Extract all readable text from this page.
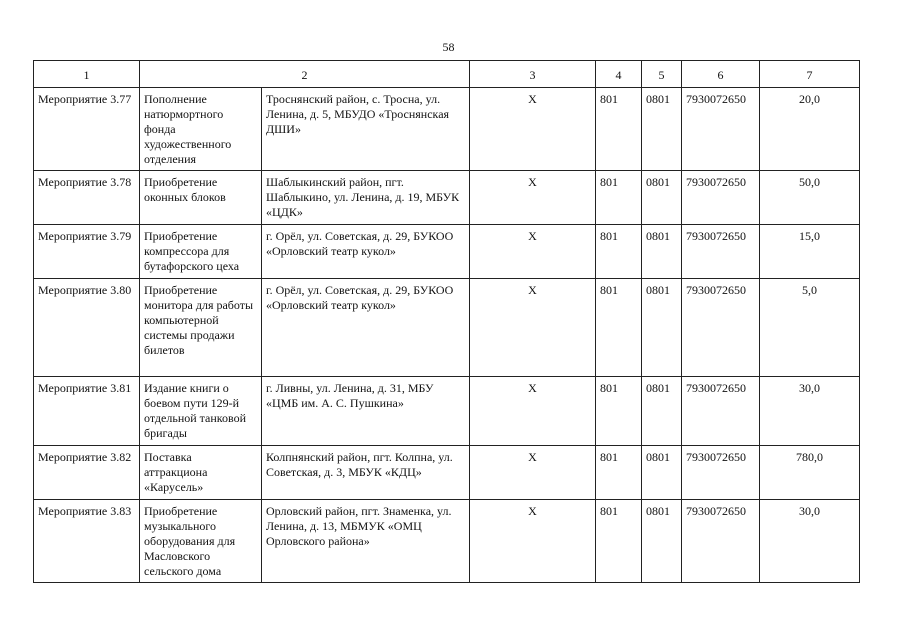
58
1	2		3	4	5	6	7
Мероприятие 3.77	Пополнение натюрмортного фонда художественного отделения	Троснянский район, с. Тросна, ул. Ленина, д. 5, МБУДО «Троснянская ДШИ»	X	801	0801	7930072650	20,0
Мероприятие 3.78	Приобретение оконных блоков	Шаблыкинский район, пгт. Шаблыкино, ул. Ленина, д. 19, МБУК «ЦДК»	X	801	0801	7930072650	50,0
Мероприятие 3.79	Приобретение компрессора для бутафорского цеха	г. Орёл, ул. Советская, д. 29, БУКОО «Орловский театр кукол»	X	801	0801	7930072650	15,0
Мероприятие 3.80	Приобретение монитора для работы компьютерной системы продажи билетов	г. Орёл, ул. Советская, д. 29, БУКОО «Орловский театр кукол»	X	801	0801	7930072650	5,0
Мероприятие 3.81	Издание книги о боевом пути 129-й отдельной танковой бригады	г. Ливны, ул. Ленина, д. 31, МБУ «ЦМБ им. А. С. Пушкина»	X	801	0801	7930072650	30,0
Мероприятие 3.82	Поставка аттракциона «Карусель»	Колпнянский район, пгт. Колпна, ул. Советская, д. 3, МБУК «КДЦ»	X	801	0801	7930072650	780,0
Мероприятие 3.83	Приобретение музыкального оборудования для Масловского сельского дома	Орловский район, пгт. Знаменка, ул. Ленина, д. 13, МБМУК «ОМЦ Орловского района»	X	801	0801	7930072650	30,0
